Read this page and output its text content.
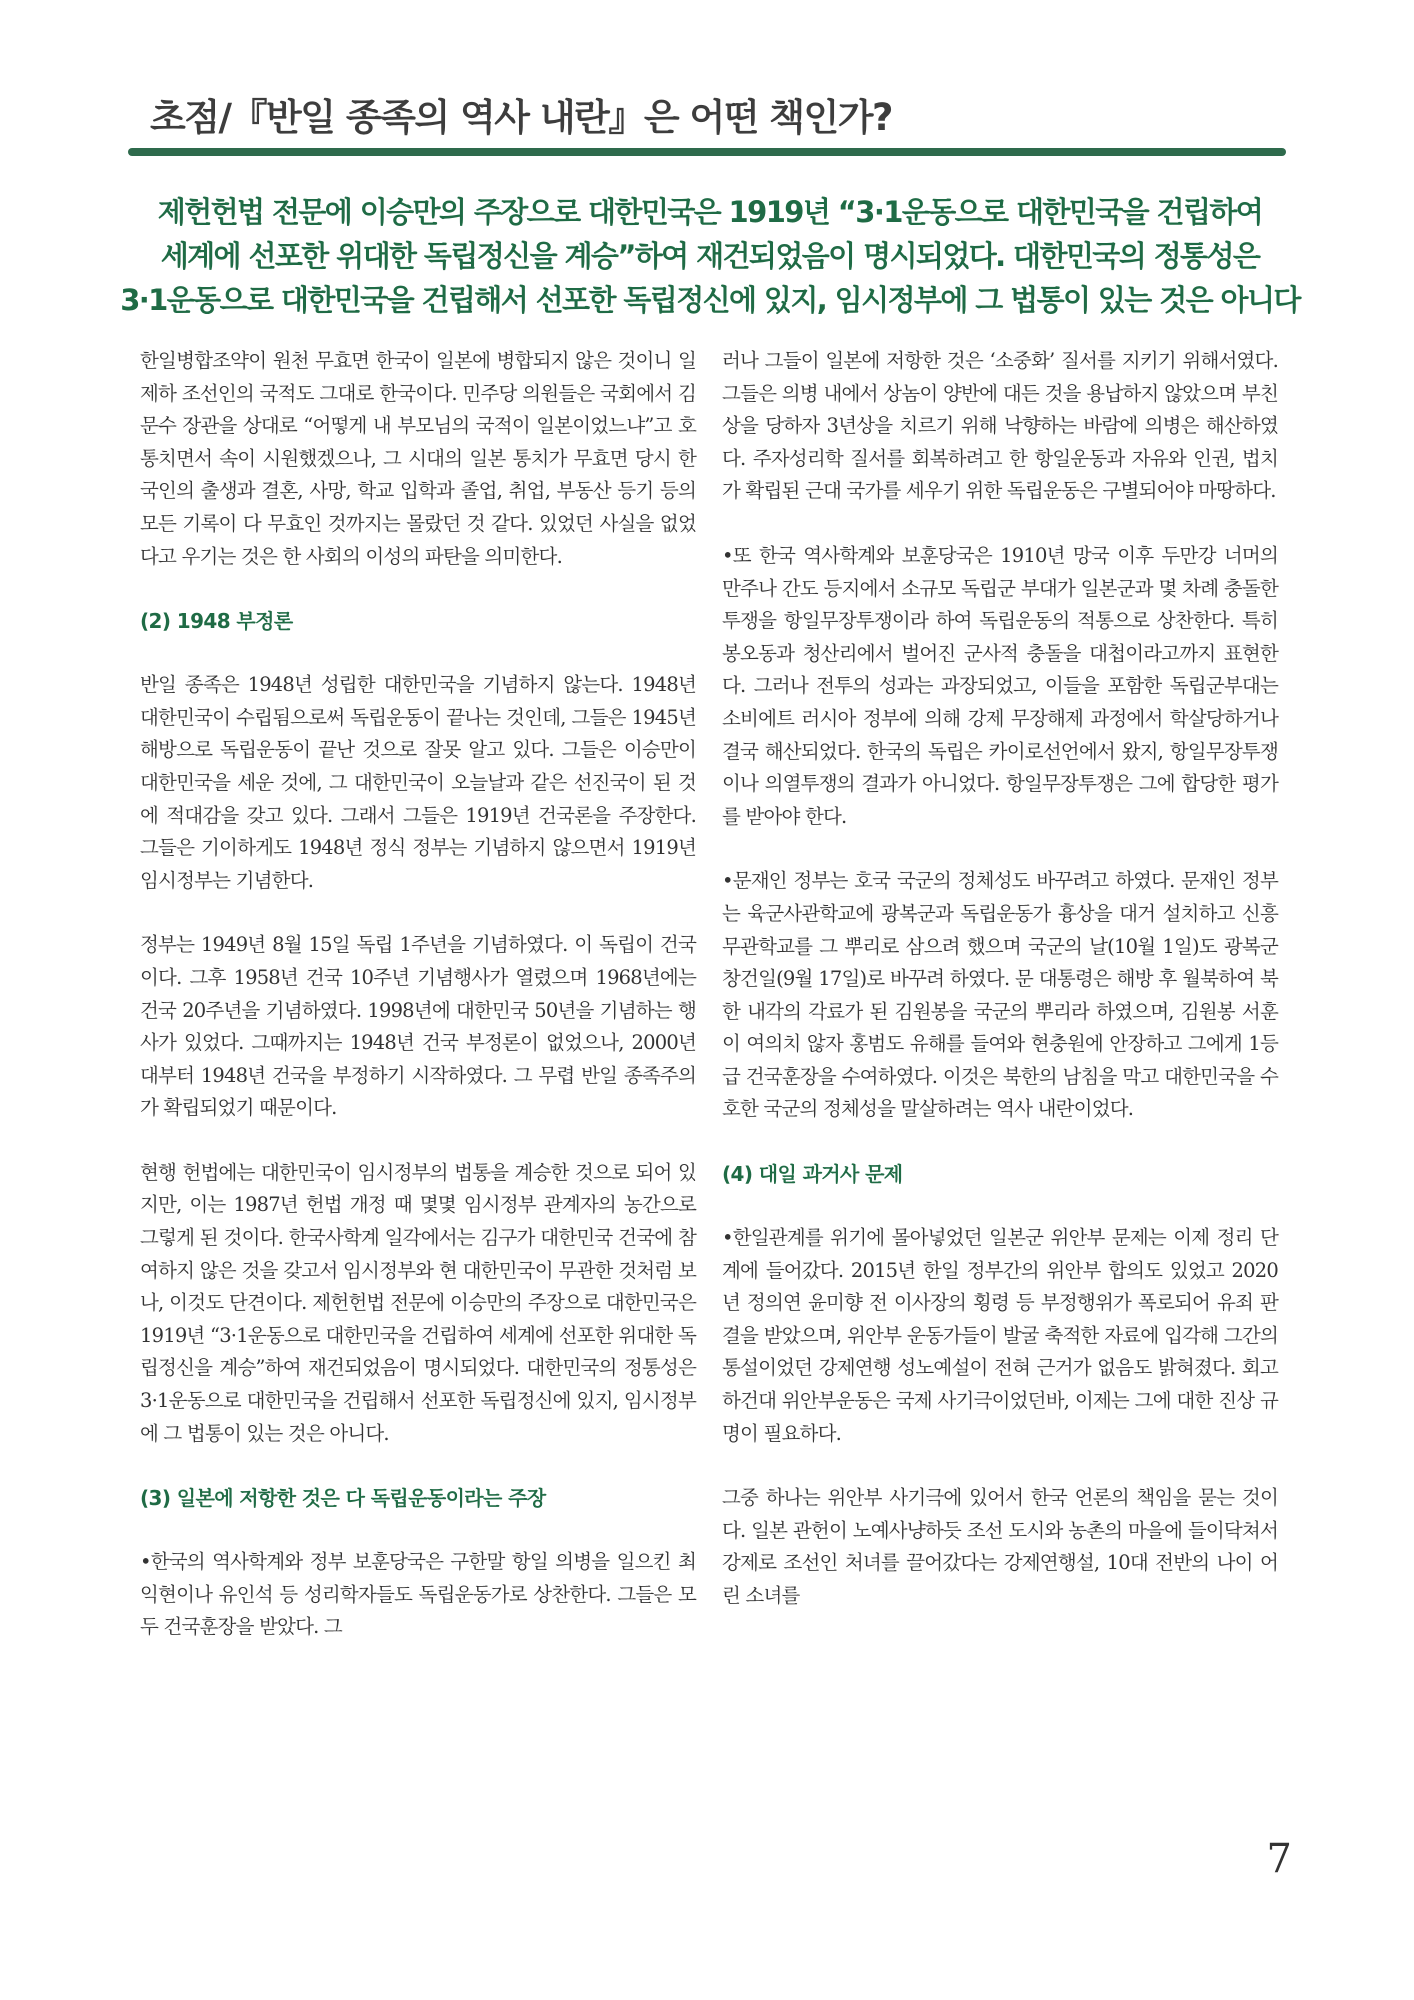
초점/『반일 종족의 역사 내란』은 어떤 책인가?
제헌헌법 전문에 이승만의 주장으로 대한민국은 1919년 “3·1운동으로 대한민국을 건립하여
세계에 선포한 위대한 독립정신을 계승”하여 재건되었음이 명시되었다. 대한민국의 정통성은
3·1운동으로 대한민국을 건립해서 선포한 독립정신에 있지, 임시정부에 그 법통이 있는 것은 아니다

한일병합조약이 원천 무효면 한국이 일본에 병합되지 않은 것이니 일제하 조선인의 국적도 그대로 한국이다. 민주당 의원들은 국회에서 김문수 장관을 상대로 “어떻게 내 부모님의 국적이 일본이었느냐”고 호통치면서 속이 시원했겠으나, 그 시대의 일본 통치가 무효면 당시 한국인의 출생과 결혼, 사망, 학교 입학과 졸업, 취업, 부동산 등기 등의 모든 기록이 다 무효인 것까지는 몰랐던 것 같다. 있었던 사실을 없었다고 우기는 것은 한 사회의 이성의 파탄을 의미한다.

(2) 1948 부정론

반일 종족은 1948년 성립한 대한민국을 기념하지 않는다. 1948년 대한민국이 수립됨으로써 독립운동이 끝나는 것인데, 그들은 1945년 해방으로 독립운동이 끝난 것으로 잘못 알고 있다. 그들은 이승만이 대한민국을 세운 것에, 그 대한민국이 오늘날과 같은 선진국이 된 것에 적대감을 갖고 있다. 그래서 그들은 1919년 건국론을 주장한다. 그들은 기이하게도 1948년 정식 정부는 기념하지 않으면서 1919년 임시정부는 기념한다.

정부는 1949년 8월 15일 독립 1주년을 기념하였다. 이 독립이 건국이다. 그후 1958년 건국 10주년 기념행사가 열렸으며 1968년에는 건국 20주년을 기념하였다. 1998년에 대한민국 50년을 기념하는 행사가 있었다. 그때까지는 1948년 건국 부정론이 없었으나, 2000년대부터 1948년 건국을 부정하기 시작하였다. 그 무렵 반일 종족주의가 확립되었기 때문이다.

현행 헌법에는 대한민국이 임시정부의 법통을 계승한 것으로 되어 있지만, 이는 1987년 헌법 개정 때 몇몇 임시정부 관계자의 농간으로 그렇게 된 것이다. 한국사학계 일각에서는 김구가 대한민국 건국에 참여하지 않은 것을 갖고서 임시정부와 현 대한민국이 무관한 것처럼 보나, 이것도 단견이다. 제헌헌법 전문에 이승만의 주장으로 대한민국은 1919년 “3·1운동으로 대한민국을 건립하여 세계에 선포한 위대한 독립정신을 계승”하여 재건되었음이 명시되었다. 대한민국의 정통성은 3·1운동으로 대한민국을 건립해서 선포한 독립정신에 있지, 임시정부에 그 법통이 있는 것은 아니다.

(3) 일본에 저항한 것은 다 독립운동이라는 주장

•한국의 역사학계와 정부 보훈당국은 구한말 항일 의병을 일으킨 최익현이나 유인석 등 성리학자들도 독립운동가로 상찬한다. 그들은 모두 건국훈장을 받았다. 그

러나 그들이 일본에 저항한 것은 ‘소중화’ 질서를 지키기 위해서였다. 그들은 의병 내에서 상놈이 양반에 대든 것을 용납하지 않았으며 부친상을 당하자 3년상을 치르기 위해 낙향하는 바람에 의병은 해산하였다. 주자성리학 질서를 회복하려고 한 항일운동과 자유와 인권, 법치가 확립된 근대 국가를 세우기 위한 독립운동은 구별되어야 마땅하다.

•또 한국 역사학계와 보훈당국은 1910년 망국 이후 두만강 너머의 만주나 간도 등지에서 소규모 독립군 부대가 일본군과 몇 차례 충돌한 투쟁을 항일무장투쟁이라 하여 독립운동의 적통으로 상찬한다. 특히 봉오동과 청산리에서 벌어진 군사적 충돌을 대첩이라고까지 표현한다. 그러나 전투의 성과는 과장되었고, 이들을 포함한 독립군부대는 소비에트 러시아 정부에 의해 강제 무장해제 과정에서 학살당하거나 결국 해산되었다. 한국의 독립은 카이로선언에서 왔지, 항일무장투쟁이나 의열투쟁의 결과가 아니었다. 항일무장투쟁은 그에 합당한 평가를 받아야 한다.

•문재인 정부는 호국 국군의 정체성도 바꾸려고 하였다. 문재인 정부는 육군사관학교에 광복군과 독립운동가 흉상을 대거 설치하고 신흥무관학교를 그 뿌리로 삼으려 했으며 국군의 날(10월 1일)도 광복군 창건일(9월 17일)로 바꾸려 하였다. 문 대통령은 해방 후 월북하여 북한 내각의 각료가 된 김원봉을 국군의 뿌리라 하였으며, 김원봉 서훈이 여의치 않자 홍범도 유해를 들여와 현충원에 안장하고 그에게 1등급 건국훈장을 수여하였다. 이것은 북한의 남침을 막고 대한민국을 수호한 국군의 정체성을 말살하려는 역사 내란이었다.

(4) 대일 과거사 문제

•한일관계를 위기에 몰아넣었던 일본군 위안부 문제는 이제 정리 단계에 들어갔다. 2015년 한일 정부간의 위안부 합의도 있었고 2020년 정의연 윤미향 전 이사장의 횡령 등 부정행위가 폭로되어 유죄 판결을 받았으며, 위안부 운동가들이 발굴 축적한 자료에 입각해 그간의 통설이었던 강제연행 성노예설이 전혀 근거가 없음도 밝혀졌다. 회고하건대 위안부운동은 국제 사기극이었던바, 이제는 그에 대한 진상 규명이 필요하다.

그중 하나는 위안부 사기극에 있어서 한국 언론의 책임을 묻는 것이다. 일본 관헌이 노예사냥하듯 조선 도시와 농촌의 마을에 들이닥쳐서 강제로 조선인 처녀를 끌어갔다는 강제연행설, 10대 전반의 나이 어린 소녀를

7
